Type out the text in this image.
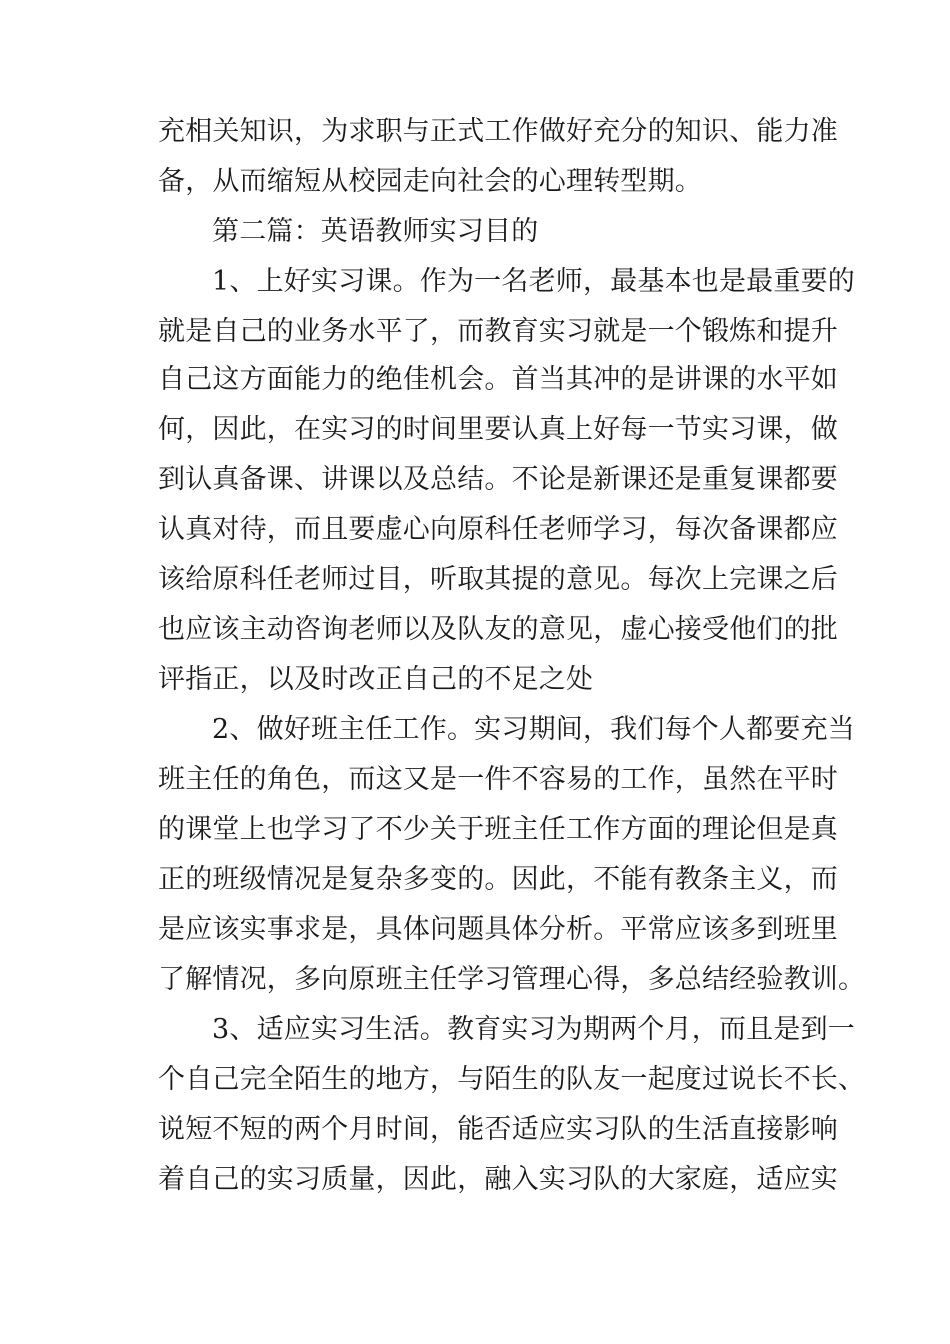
充相关知识，为求职与正式工作做好充分的知识、能力准
备，从而缩短从校园走向社会的心理转型期。
第二篇：英语教师实习目的
1、上好实习课。作为一名老师，最基本也是最重要的
就是自己的业务水平了，而教育实习就是一个锻炼和提升
自己这方面能力的绝佳机会。首当其冲的是讲课的水平如
何，因此，在实习的时间里要认真上好每一节实习课，做
到认真备课、讲课以及总结。不论是新课还是重复课都要
认真对待，而且要虚心向原科任老师学习，每次备课都应
该给原科任老师过目，听取其提的意见。每次上完课之后
也应该主动咨询老师以及队友的意见，虚心接受他们的批
评指正，以及时改正自己的不足之处
2、做好班主任工作。实习期间，我们每个人都要充当
班主任的角色，而这又是一件不容易的工作，虽然在平时
的课堂上也学习了不少关于班主任工作方面的理论但是真
正的班级情况是复杂多变的。因此，不能有教条主义，而
是应该实事求是，具体问题具体分析。平常应该多到班里
了解情况，多向原班主任学习管理心得，多总结经验教训。
3、适应实习生活。教育实习为期两个月，而且是到一
个自己完全陌生的地方，与陌生的队友一起度过说长不长、
说短不短的两个月时间，能否适应实习队的生活直接影响
着自己的实习质量，因此，融入实习队的大家庭，适应实
